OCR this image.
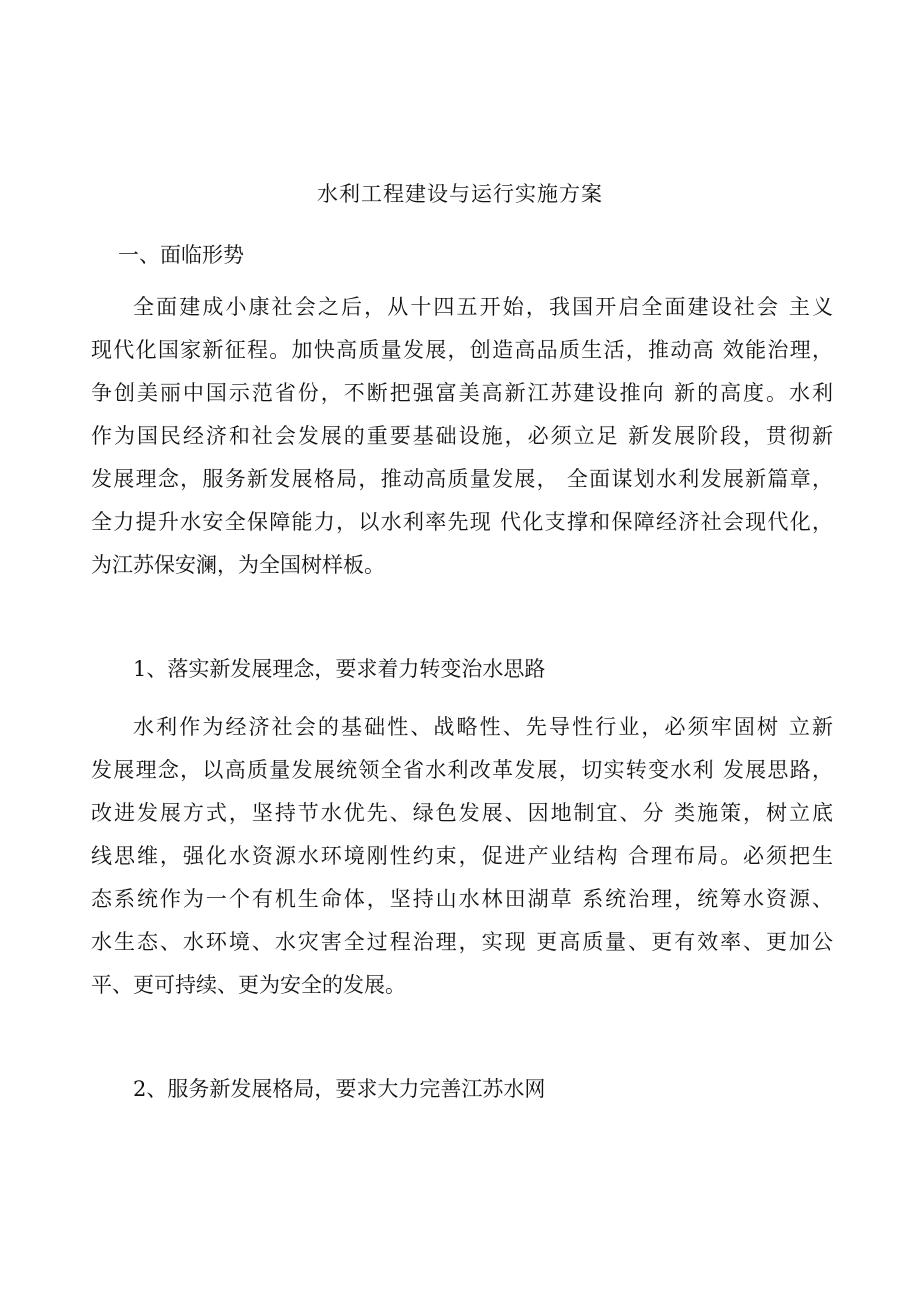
水利工程建设与运行实施方案
一、面临形势
全面建成小康社会之后，从十四五开始，我国开启全面建设社会 主义
现代化国家新征程。加快高质量发展，创造高品质生活，推动高 效能治理，
争创美丽中国示范省份，不断把强富美高新江苏建设推向 新的高度。水利
作为国民经济和社会发展的重要基础设施，必须立足 新发展阶段，贯彻新
发展理念，服务新发展格局，推动高质量发展， 全面谋划水利发展新篇章，
全力提升水安全保障能力，以水利率先现 代化支撑和保障经济社会现代化，
为江苏保安澜，为全国树样板。
1、落实新发展理念，要求着力转变治水思路
水利作为经济社会的基础性、战略性、先导性行业，必须牢固树 立新
发展理念，以高质量发展统领全省水利改革发展，切实转变水利 发展思路，
改进发展方式，坚持节水优先、绿色发展、因地制宜、分 类施策，树立底
线思维，强化水资源水环境刚性约束，促进产业结构 合理布局。必须把生
态系统作为一个有机生命体，坚持山水林田湖草 系统治理，统筹水资源、
水生态、水环境、水灾害全过程治理，实现 更高质量、更有效率、更加公
平、更可持续、更为安全的发展。
2、服务新发展格局，要求大力完善江苏水网
